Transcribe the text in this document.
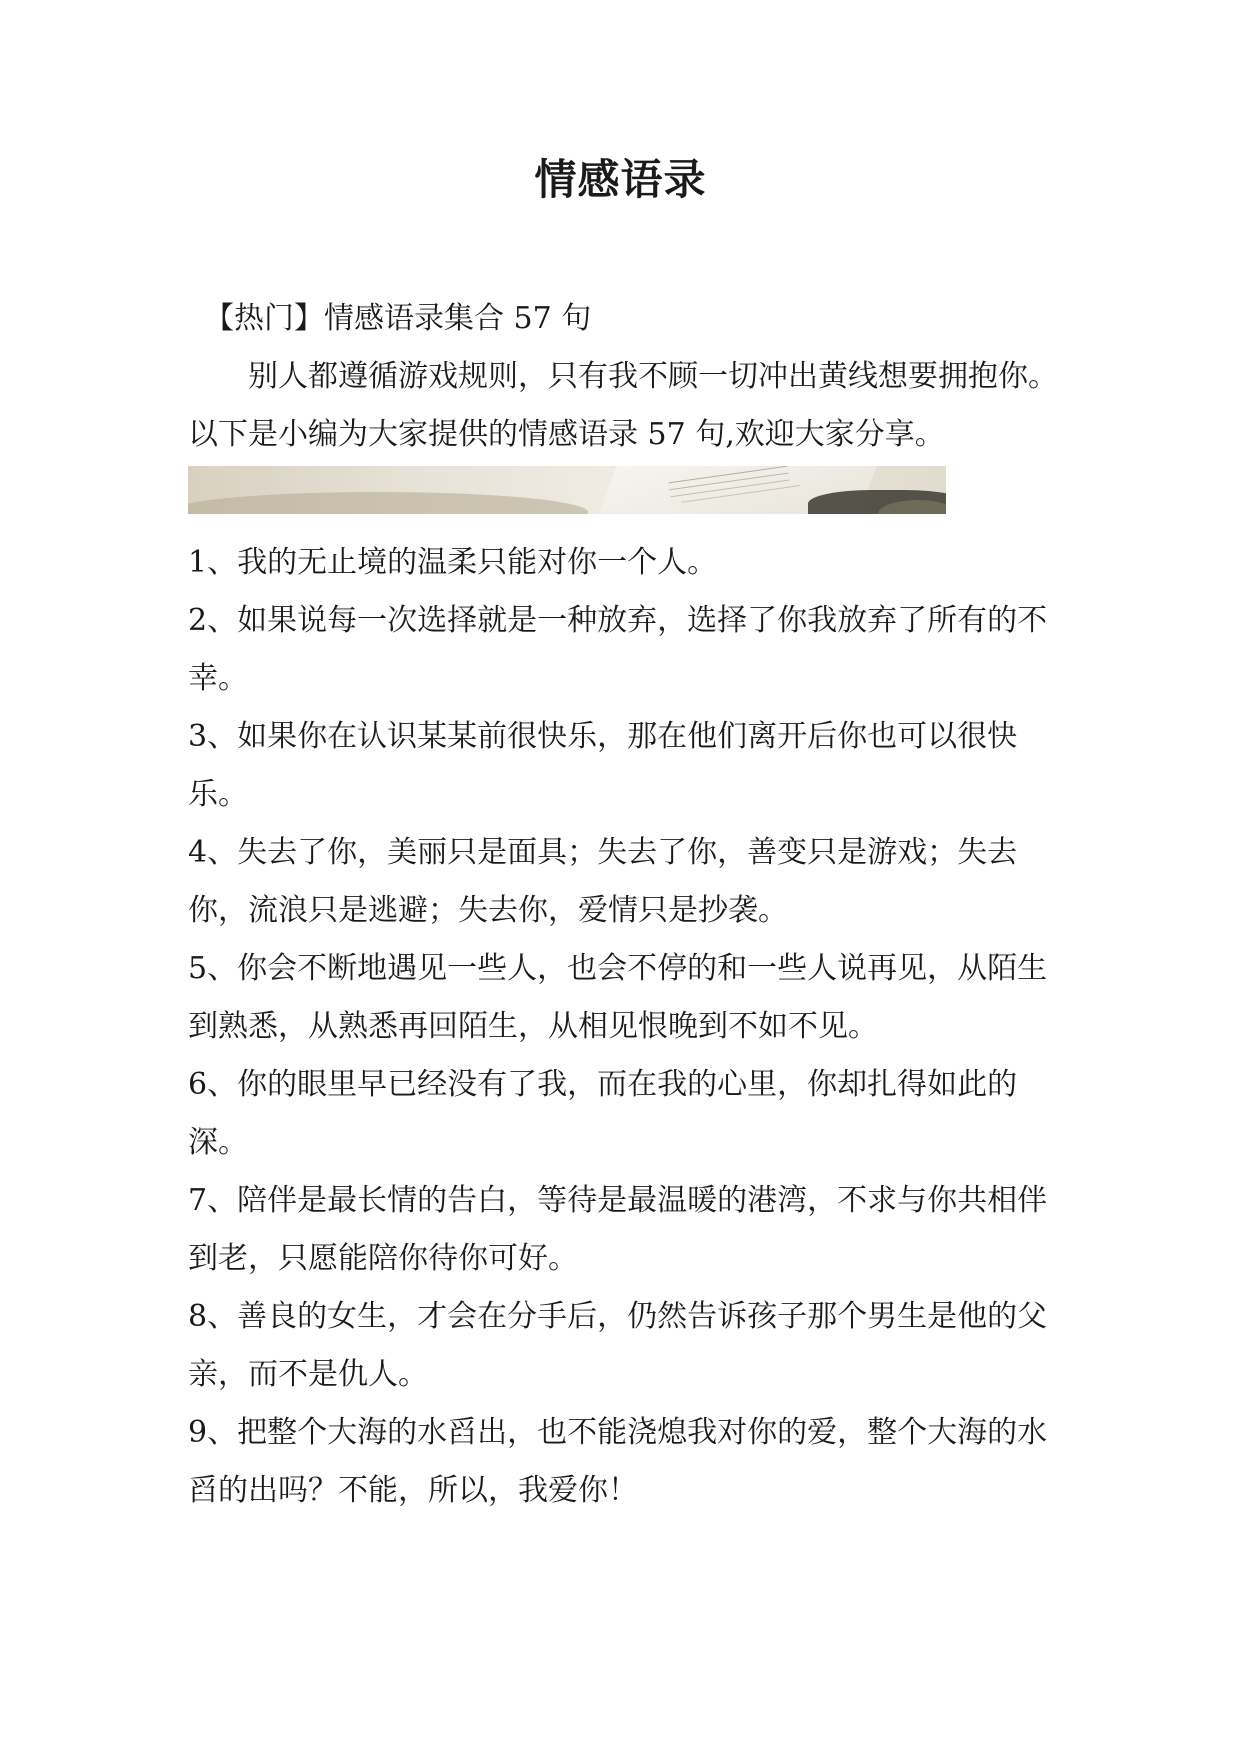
情感语录

【热门】情感语录集合 57 句

别人都遵循游戏规则，只有我不顾一切冲出黄线想要拥抱你。以下是小编为大家提供的情感语录 57 句,欢迎大家分享。

1、我的无止境的温柔只能对你一个人。

2、如果说每一次选择就是一种放弃，选择了你我放弃了所有的不幸。

3、如果你在认识某某前很快乐，那在他们离开后你也可以很快乐。

4、失去了你，美丽只是面具；失去了你，善变只是游戏；失去你，流浪只是逃避；失去你，爱情只是抄袭。

5、你会不断地遇见一些人，也会不停的和一些人说再见，从陌生到熟悉，从熟悉再回陌生，从相见恨晚到不如不见。

6、你的眼里早已经没有了我，而在我的心里，你却扎得如此的深。

7、陪伴是最长情的告白，等待是最温暖的港湾，不求与你共相伴到老，只愿能陪你待你可好。

8、善良的女生，才会在分手后，仍然告诉孩子那个男生是他的父亲，而不是仇人。

9、把整个大海的水舀出，也不能浇熄我对你的爱，整个大海的水舀的出吗？不能，所以，我爱你！
